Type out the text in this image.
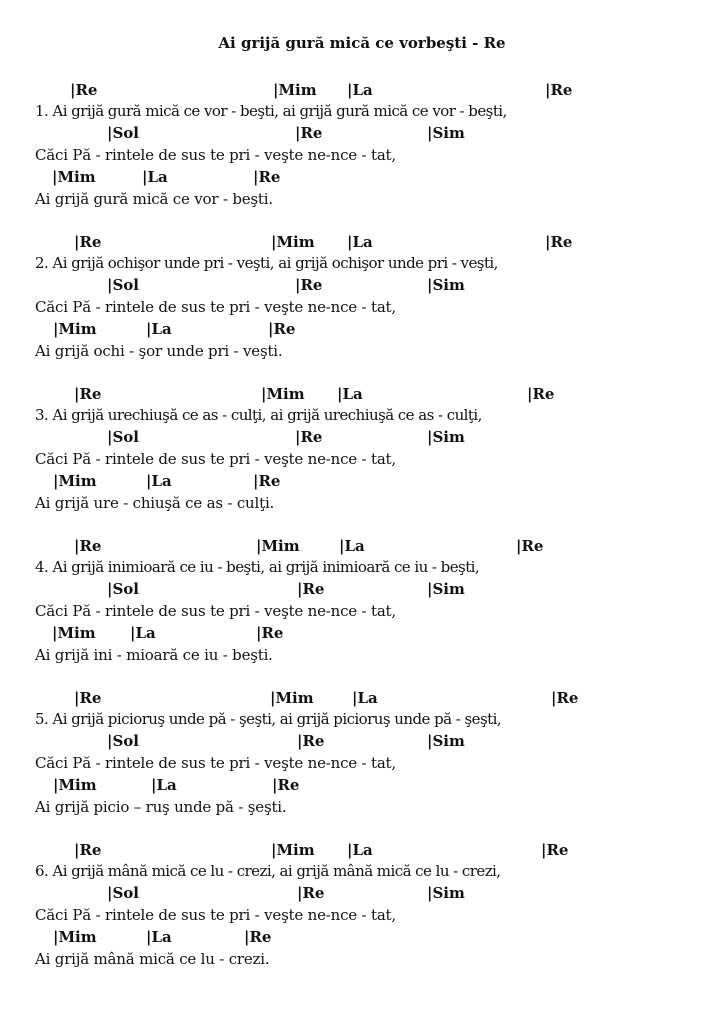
Ai grijă gură mică ce vorbeşti - Re
|Re	|Mim |La	|Re
1. Ai grijă gură mică ce vor - beşti, ai grijă gură mică ce vor - beşti,
|Sol	|Re	|Sim
Căci Pă - rintele de sus te pri - veşte ne-nce - tat,
|Mim	|La	|Re
Ai grijă gură mică ce vor - beşti.
|Re	|Mim |La	|Re
2. Ai grijă ochişor unde pri - veşti, ai grijă ochişor unde pri - veşti,
|Sol	|Re	|Sim
Căci Pă - rintele de sus te pri - veşte ne-nce - tat,
|Mim	|La	|Re
Ai grijă ochi - şor unde pri - veşti.
|Re	|Mim |La	|Re
3. Ai grijă urechiuşă ce as - culţi, ai grijă urechiuşă ce as - culţi,
|Sol	|Re	|Sim
Căci Pă - rintele de sus te pri - veşte ne-nce - tat,
|Mim	|La	|Re
Ai grijă ure - chiuşă ce as - culţi.
|Re	|Mim	|La	|Re
4. Ai grijă inimioară ce iu - beşti, ai grijă inimioară ce iu - beşti,
|Sol	|Re	|Sim
Căci Pă - rintele de sus te pri - veşte ne-nce - tat,
|Mim |La	|Re
Ai grijă ini - mioară ce iu - beşti.
|Re	|Mim	|La	|Re
5. Ai grijă picioruş unde pă - şeşti, ai grijă picioruş unde pă - şeşti,
|Sol	|Re	|Sim
Căci Pă - rintele de sus te pri - veşte ne-nce - tat,
|Mim	|La	|Re
Ai grijă picio – ruş unde pă - şeşti.
|Re	|Mim |La	|Re
6. Ai grijă mână mică ce lu - crezi, ai grijă mână mică ce lu - crezi,
|Sol	|Re	|Sim
Căci Pă - rintele de sus te pri - veşte ne-nce - tat,
|Mim	|La	|Re
Ai grijă mână mică ce lu - crezi.
